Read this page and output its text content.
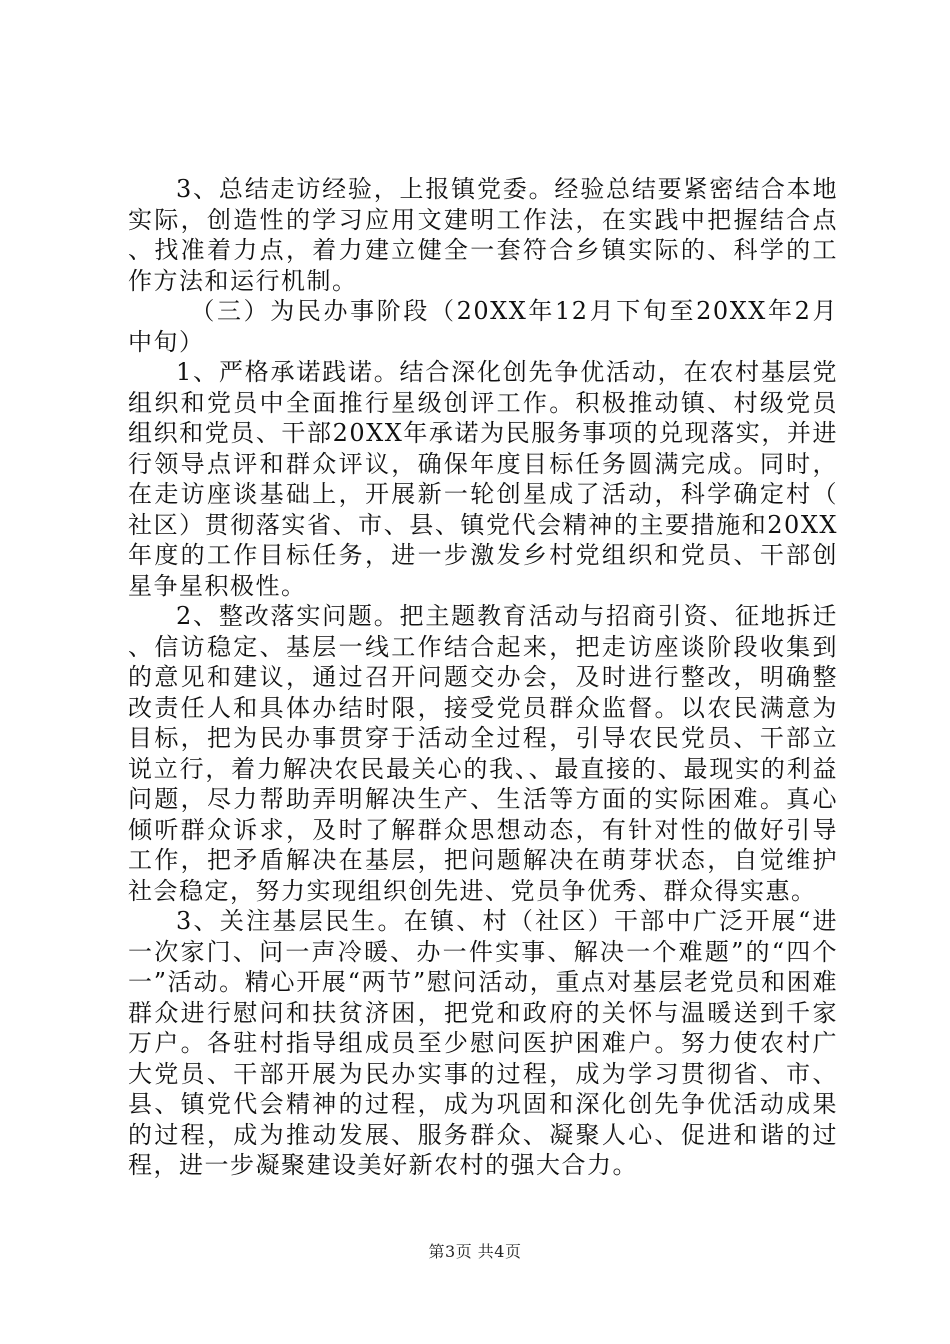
3、总结走访经验，上报镇党委。经验总结要紧密结合本地实际，创造性的学习应用文建明工作法，在实践中把握结合点、找准着力点，着力建立健全一套符合乡镇实际的、科学的工作方法和运行机制。

（三）为民办事阶段（20XX年12月下旬至20XX年2月中旬）

1、严格承诺践诺。结合深化创先争优活动，在农村基层党组织和党员中全面推行星级创评工作。积极推动镇、村级党员组织和党员、干部20XX年承诺为民服务事项的兑现落实，并进行领导点评和群众评议，确保年度目标任务圆满完成。同时，在走访座谈基础上，开展新一轮创星成了活动，科学确定村（社区）贯彻落实省、市、县、镇党代会精神的主要措施和20XX年度的工作目标任务，进一步激发乡村党组织和党员、干部创星争星积极性。

2、整改落实问题。把主题教育活动与招商引资、征地拆迁、信访稳定、基层一线工作结合起来，把走访座谈阶段收集到的意见和建议，通过召开问题交办会，及时进行整改，明确整改责任人和具体办结时限，接受党员群众监督。以农民满意为目标，把为民办事贯穿于活动全过程，引导农民党员、干部立说立行，着力解决农民最关心的我、、最直接的、最现实的利益问题，尽力帮助弄明解决生产、生活等方面的实际困难。真心倾听群众诉求，及时了解群众思想动态，有针对性的做好引导工作，把矛盾解决在基层，把问题解决在萌芽状态，自觉维护社会稳定，努力实现组织创先进、党员争优秀、群众得实惠。

3、关注基层民生。在镇、村（社区）干部中广泛开展“进一次家门、问一声冷暖、办一件实事、解决一个难题”的“四个一”活动。精心开展“两节”慰问活动，重点对基层老党员和困难群众进行慰问和扶贫济困，把党和政府的关怀与温暖送到千家万户。各驻村指导组成员至少慰问医护困难户。努力使农村广大党员、干部开展为民办实事的过程，成为学习贯彻省、市、县、镇党代会精神的过程，成为巩固和深化创先争优活动成果的过程，成为推动发展、服务群众、凝聚人心、促进和谐的过程，进一步凝聚建设美好新农村的强大合力。

第3页 共4页
